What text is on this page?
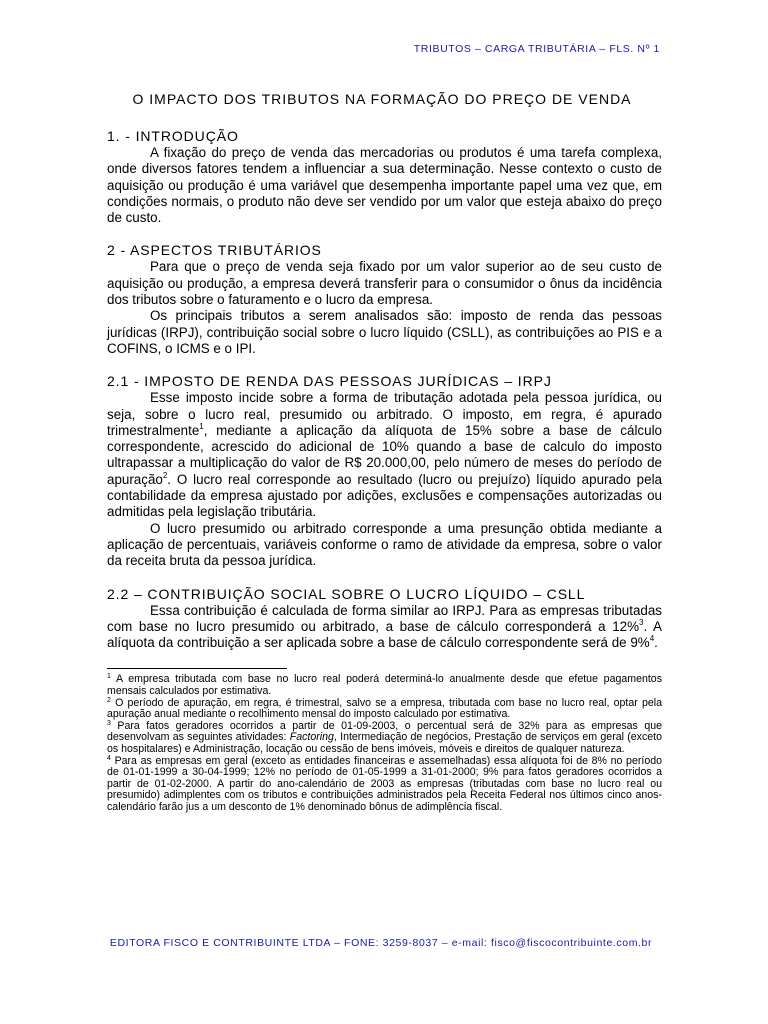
TRIBUTOS – CARGA TRIBUTÁRIA – FLS. Nº 1
O IMPACTO DOS TRIBUTOS NA FORMAÇÃO DO PREÇO DE VENDA

1. - INTRODUÇÃO

A fixação do preço de venda das mercadorias ou produtos é uma tarefa complexa, onde diversos fatores tendem a influenciar a sua determinação. Nesse contexto o custo de aquisição ou produção é uma variável que desempenha importante papel uma vez que, em condições normais, o produto não deve ser vendido por um valor que esteja abaixo do preço de custo.

2 - ASPECTOS TRIBUTÁRIOS

Para que o preço de venda seja fixado por um valor superior ao de seu custo de aquisição ou produção, a empresa deverá transferir para o consumidor o ônus da incidência dos tributos sobre o faturamento e o lucro da empresa.

Os principais tributos a serem analisados são: imposto de renda das pessoas jurídicas (IRPJ), contribuição social sobre o lucro líquido (CSLL), as contribuições ao PIS e a COFINS, o ICMS e o IPI.

2.1 - IMPOSTO DE RENDA DAS PESSOAS JURÍDICAS – IRPJ

Esse imposto incide sobre a forma de tributação adotada pela pessoa jurídica, ou seja, sobre o lucro real, presumido ou arbitrado. O imposto, em regra, é apurado trimestralmente$^1$, mediante a aplicação da alíquota de 15% sobre a base de cálculo correspondente, acrescido do adicional de 10% quando a base de calculo do imposto ultrapassar a multiplicação do valor de R$ 20.000,00, pelo número de meses do período de apuração$^2$. O lucro real corresponde ao resultado (lucro ou prejuízo) líquido apurado pela contabilidade da empresa ajustado por adições, exclusões e compensações autorizadas ou admitidas pela legislação tributária.

O lucro presumido ou arbitrado corresponde a uma presunção obtida mediante a aplicação de percentuais, variáveis conforme o ramo de atividade da empresa, sobre o valor da receita bruta da pessoa jurídica.

2.2 – CONTRIBUIÇÃO SOCIAL SOBRE O LUCRO LÍQUIDO – CSLL

Essa contribuição é calculada de forma similar ao IRPJ. Para as empresas tributadas com base no lucro presumido ou arbitrado, a base de cálculo corresponderá a 12%$^3$. A alíquota da contribuição a ser aplicada sobre a base de cálculo correspondente será de 9%$^4$.

$^1$ A empresa tributada com base no lucro real poderá determiná-lo anualmente desde que efetue pagamentos mensais calculados por estimativa.

$^2$ O período de apuração, em regra, é trimestral, salvo se a empresa, tributada com base no lucro real, optar pela apuração anual mediante o recolhimento mensal do imposto calculado por estimativa.

$^3$ Para fatos geradores ocorridos a partir de 01-09-2003, o percentual será de 32% para as empresas que desenvolvam as seguintes atividades: Factoring, Intermediação de negócios, Prestação de serviços em geral (exceto os hospitalares) e Administração, locação ou cessão de bens imóveis, móveis e direitos de qualquer natureza.

$^4$ Para as empresas em geral (exceto as entidades financeiras e assemelhadas) essa alíquota foi de 8% no período de 01-01-1999 a 30-04-1999; 12% no período de 01-05-1999 a 31-01-2000; 9% para fatos geradores ocorridos a partir de 01-02-2000. A partir do ano-calendário de 2003 as empresas (tributadas com base no lucro real ou presumido) adimplentes com os tributos e contribuições administrados pela Receita Federal nos últimos cinco anos-calendário farão jus a um desconto de 1% denominado bônus de adimplência fiscal.

EDITORA FISCO E CONTRIBUINTE LTDA – FONE: 3259-8037 – e-mail: fisco@fiscocontribuinte.com.br
